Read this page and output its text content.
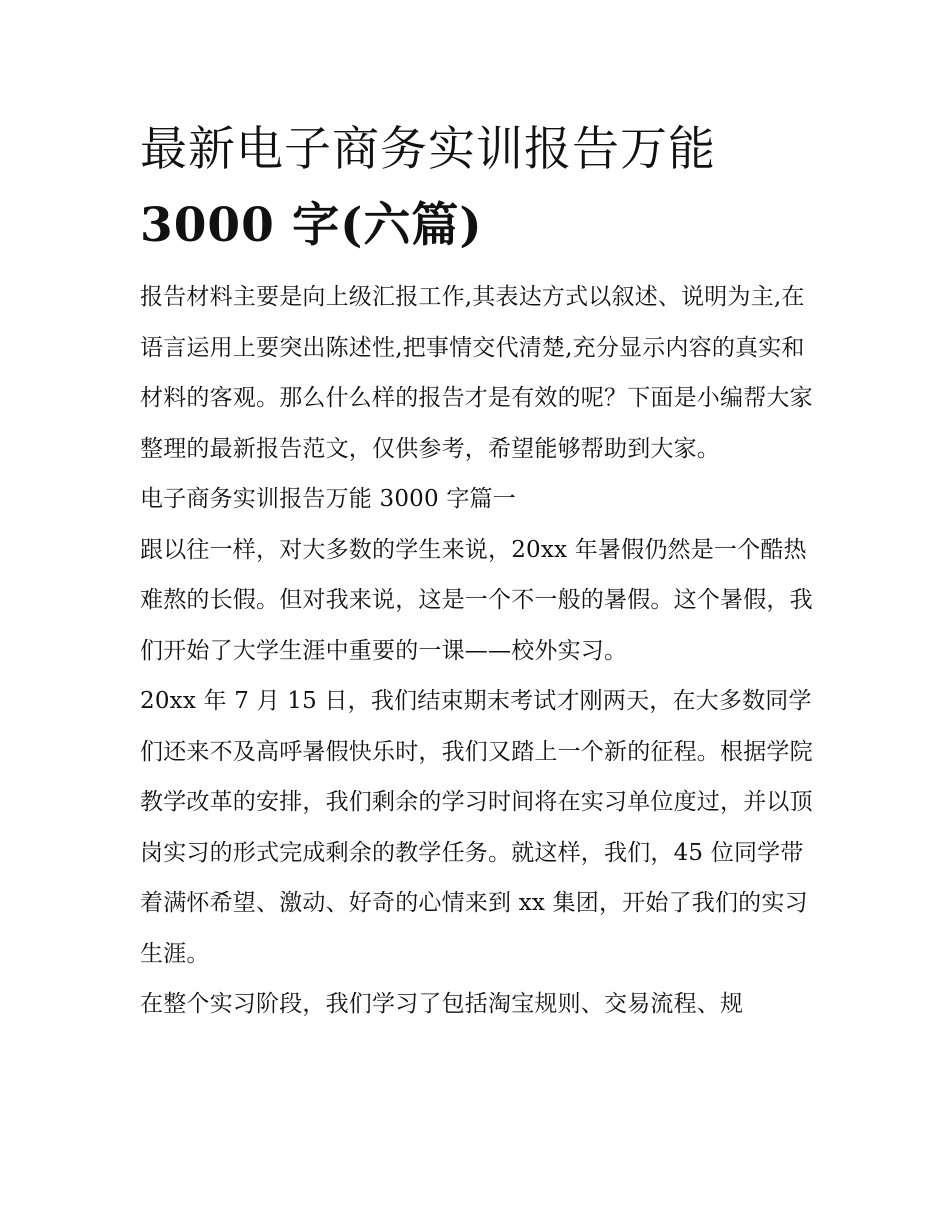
最新电子商务实训报告万能
3000 字(六篇)

报告材料主要是向上级汇报工作,其表达方式以叙述、说明为主,在语言运用上要突出陈述性,把事情交代清楚,充分显示内容的真实和材料的客观。那么什么样的报告才是有效的呢？下面是小编帮大家整理的最新报告范文，仅供参考，希望能够帮助到大家。

电子商务实训报告万能 3000 字篇一

跟以往一样，对大多数的学生来说，20xx 年暑假仍然是一个酷热难熬的长假。但对我来说，这是一个不一般的暑假。这个暑假，我们开始了大学生涯中重要的一课——校外实习。

20xx 年 7 月 15 日，我们结束期末考试才刚两天，在大多数同学们还来不及高呼暑假快乐时，我们又踏上一个新的征程。根据学院教学改革的安排，我们剩余的学习时间将在实习单位度过，并以顶岗实习的形式完成剩余的教学任务。就这样，我们，45 位同学带着满怀希望、激动、好奇的心情来到 xx 集团，开始了我们的实习生涯。

在整个实习阶段，我们学习了包括淘宝规则、交易流程、规
